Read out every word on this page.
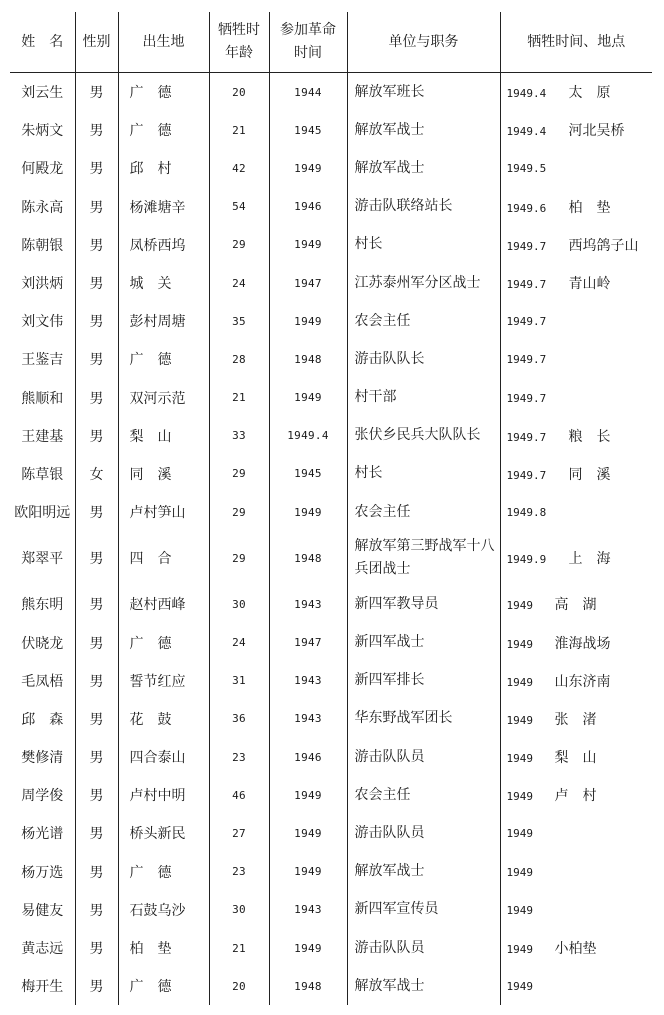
姓　名	性别	出生地	牺牲时年龄	参加革命时间	单位与职务	牺牲时间、地点
刘云生	男	广　德	20	1944	解放军班长	1949.4 太　原
朱炳文	男	广　德	21	1945	解放军战士	1949.4 河北吴桥
何殿龙	男	邱　村	42	1949	解放军战士	1949.5
陈永高	男	杨滩塘辛	54	1946	游击队联络站长	1949.6 柏　垫
陈朝银	男	凤桥西坞	29	1949	村长	1949.7 西坞鸽子山
刘洪炳	男	城　关	24	1947	江苏泰州军分区战士	1949.7 青山岭
刘文伟	男	彭村周塘	35	1949	农会主任	1949.7
王鉴吉	男	广　德	28	1948	游击队队长	1949.7
熊顺和	男	双河示范	21	1949	村干部	1949.7
王建基	男	梨　山	33	1949.4	张伏乡民兵大队队长	1949.7 粮　长
陈草银	女	同　溪	29	1945	村长	1949.7 同　溪
欧阳明远	男	卢村笋山	29	1949	农会主任	1949.8
郑翠平	男	四　合	29	1948	解放军第三野战军十八兵团战士	1949.9 上　海
熊东明	男	赵村西峰	30	1943	新四军教导员	1949 高　湖
伏晓龙	男	广　德	24	1947	新四军战士	1949 淮海战场
毛凤梧	男	誓节红应	31	1943	新四军排长	1949 山东济南
邱　森	男	花　鼓	36	1943	华东野战军团长	1949 张　渚
樊修清	男	四合泰山	23	1946	游击队队员	1949 梨　山
周学俊	男	卢村中明	46	1949	农会主任	1949 卢　村
杨光谱	男	桥头新民	27	1949	游击队队员	1949
杨万选	男	广　德	23	1949	解放军战士	1949
易健友	男	石鼓乌沙	30	1943	新四军宣传员	1949
黄志远	男	柏　垫	21	1949	游击队队员	1949 小柏垫
梅开生	男	广　德	20	1948	解放军战士	1949
